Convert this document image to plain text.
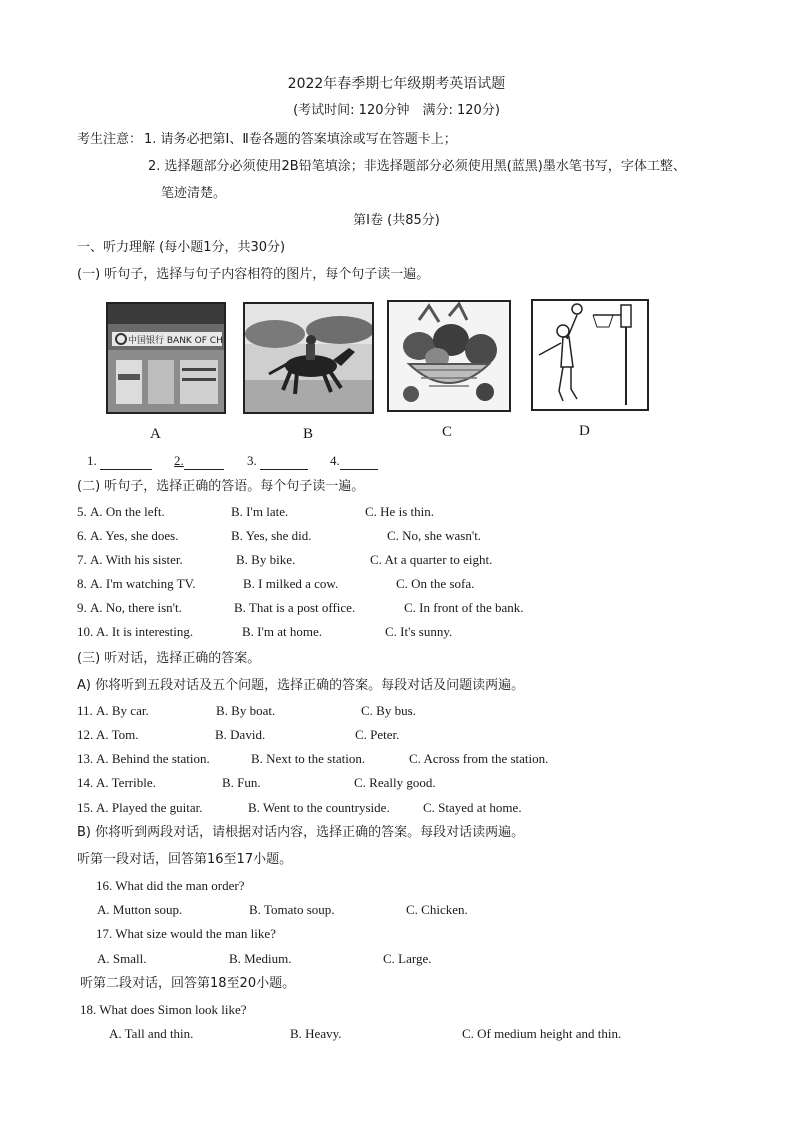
2022年春季期七年级期考英语试题
(考试时间: 120分钟　满分: 120分)
考生注意： 1. 请务必把第Ⅰ、Ⅱ卷各题的答案填涂或写在答题卡上；
2. 选择题部分必须使用2B铅笔填涂；非选择题部分必须使用黑(蓝黑)墨水笔书写，字体工整、
笔迹清楚。
第Ⅰ卷 (共85分)
一、听力理解 (每小题1分，共30分)
(一) 听句子，选择与句子内容相符的图片，每个句子读一遍。
中国银行 BANK OF CH
A	B	C	D
1.	2.	3.	4.
(二) 听句子，选择正确的答语。每个句子读一遍。
5. A. On the left.	B. I'm late.	C. He is thin.
6. A. Yes, she does.	B. Yes, she did.	C. No, she wasn't.
7. A. With his sister.	B. By bike.	C. At a quarter to eight.
8. A. I'm watching TV.	B. I milked a cow.	C. On the sofa.
9. A. No, there isn't.	B. That is a post office.	C. In front of the bank.
10. A. It is interesting.	B. I'm at home.	C. It's sunny.
(三) 听对话，选择正确的答案。
A) 你将听到五段对话及五个问题，选择正确的答案。每段对话及问题读两遍。
11. A. By car.	B. By boat.	C. By bus.
12. A. Tom.	B. David.	C. Peter.
13. A. Behind the station.	B. Next to the station.	C. Across from the station.
14. A. Terrible.	B. Fun.	C. Really good.
15. A. Played the guitar.	B. Went to the countryside.	C. Stayed at home.
B) 你将听到两段对话，请根据对话内容，选择正确的答案。每段对话读两遍。
听第一段对话，回答第16至17小题。
16. What did the man order?
A. Mutton soup.	B. Tomato soup.	C. Chicken.
17. What size would the man like?
A. Small.	B. Medium.	C. Large.
听第二段对话，回答第18至20小题。
18. What does Simon look like?
A. Tall and thin.	B. Heavy.	C. Of medium height and thin.
